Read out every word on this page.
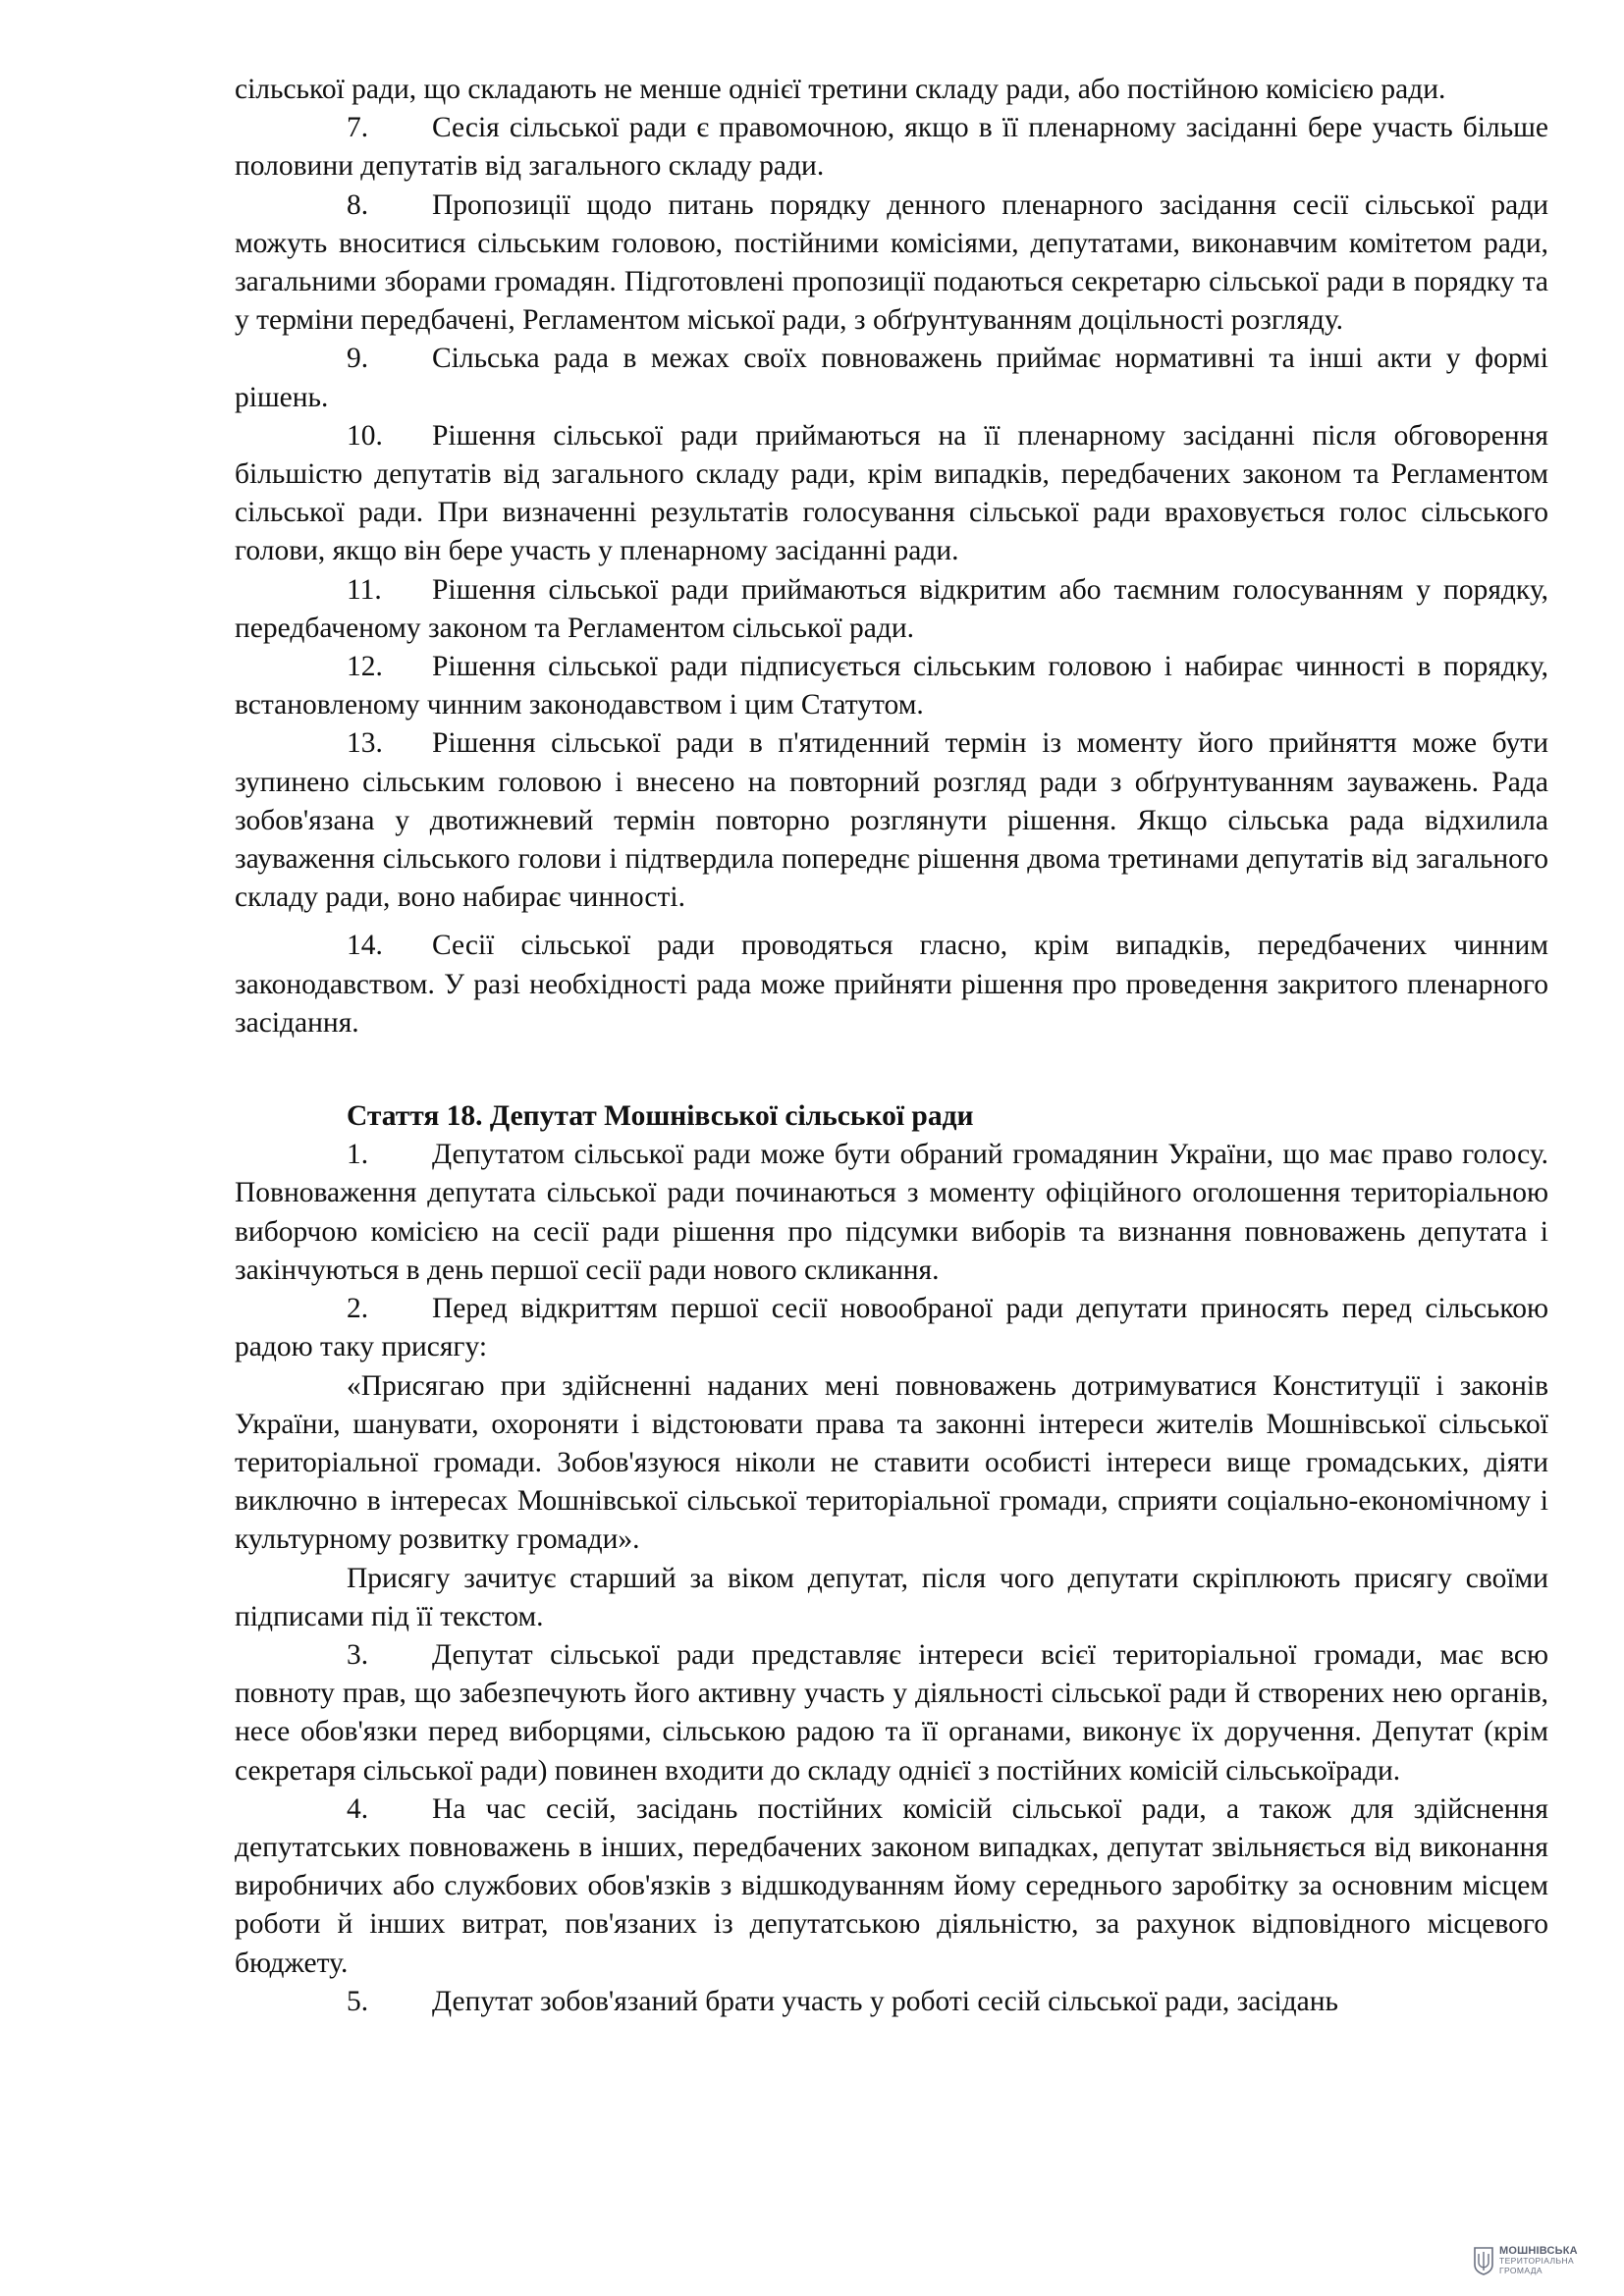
сільської ради, що складають не менше однієї третини складу ради, або постійною комісією ради.

7. Сесія сільської ради є правомочною, якщо в її пленарному засіданні бере участь більше половини депутатів від загального складу ради.

8. Пропозиції щодо питань порядку денного пленарного засідання сесії сільської ради можуть вноситися сільським головою, постійними комісіями, депутатами, виконавчим комітетом ради, загальними зборами громадян. Підготовлені пропозиції подаються секретарю сільської ради в порядку та у терміни передбачені, Регламентом міської ради, з обґрунтуванням доцільності розгляду.

9. Сільська рада в межах своїх повноважень приймає нормативні та інші акти у формі рішень.

10. Рішення сільської ради приймаються на її пленарному засіданні після обговорення більшістю депутатів від загального складу ради, крім випадків, передбачених законом та Регламентом сільської ради. При визначенні результатів голосування сільської ради враховується голос сільського голови, якщо він бере участь у пленарному засіданні ради.

11. Рішення сільської ради приймаються відкритим або таємним голосуванням у порядку, передбаченому законом та Регламентом сільської ради.

12. Рішення сільської ради підписується сільським головою і набирає чинності в порядку, встановленому чинним законодавством і цим Статутом.

13. Рішення сільської ради в п'ятиденний термін із моменту його прийняття може бути зупинено сільським головою і внесено на повторний розгляд ради з обґрунтуванням зауважень. Рада зобов'язана у двотижневий термін повторно розглянути рішення. Якщо сільська рада відхилила зауваження сільського голови і підтвердила попереднє рішення двома третинами депутатів від загального складу ради, воно набирає чинності.

14. Сесії сільської ради проводяться гласно, крім випадків, передбачених чинним законодавством. У разі необхідності рада може прийняти рішення про проведення закритого пленарного засідання.

Стаття 18. Депутат Мошнівської сільської ради

1. Депутатом сільської ради може бути обраний громадянин України, що має право голосу. Повноваження депутата сільської ради починаються з моменту офіційного оголошення територіальною виборчою комісією на сесії ради рішення про підсумки виборів та визнання повноважень депутата і закінчуються в день першої сесії ради нового скликання.

2. Перед відкриттям першої сесії новообраної ради депутати приносять перед сільською радою таку присягу:

«Присягаю при здійсненні наданих мені повноважень дотримуватися Конституції і законів України, шанувати, охороняти і відстоювати права та законні інтереси жителів Мошнівської сільської територіальної громади. Зобов'язуюся ніколи не ставити особисті інтереси вище громадських, діяти виключно в інтересах Мошнівської сільської територіальної громади, сприяти соціально-економічному і культурному розвитку громади».

Присягу зачитує старший за віком депутат, після чого депутати скріплюють присягу своїми підписами під її текстом.

3. Депутат сільської ради представляє інтереси всієї територіальної громади, має всю повноту прав, що забезпечують його активну участь у діяльності сільської ради й створених нею органів, несе обов'язки перед виборцями, сільською радою та її органами, виконує їх доручення. Депутат (крім секретаря сільської ради) повинен входити до складу однієї з постійних комісій сільськоїради.

4. На час сесій, засідань постійних комісій сільської ради, а також для здійснення депутатських повноважень в інших, передбачених законом випадках, депутат звільняється від виконання виробничих або службових обов'язків з відшкодуванням йому середнього заробітку за основним місцем роботи й інших витрат, пов'язаних із депутатською діяльністю, за рахунок відповідного місцевого бюджету.

5. Депутат зобов'язаний брати участь у роботі сесій сільської ради, засідань

МОШНІВСЬКА
ТЕРИТОРІАЛЬНА
ГРОМАДА
